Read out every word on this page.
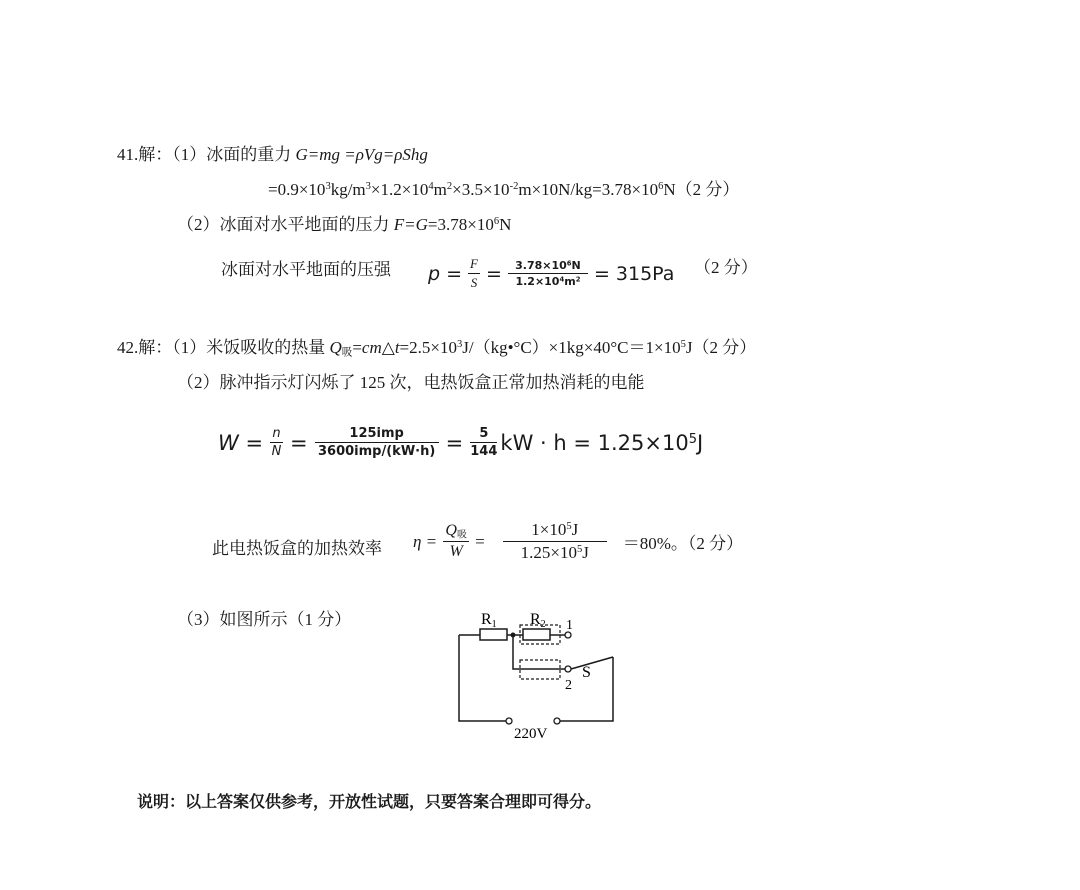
41.解：（1）冰面的重力 G=mg =ρVg=ρShg
$=0.9\times 10^3kg/m^3\times 1.2\times 10^4m^2\times 3.5\times 10^{-2}m\times 10N/kg=3.78\times 10^6N(2$ 分）
（2）冰面对水平地面的压力 $F=G=3.78\times 10^6N$
冰面对水平地面的压强 $p = \frac{F}{S} = \frac{3.78\times 10^6N}{1.2\times 10^4m^2} = 315Pa$ （2 分）
42.解：（1）米饭吸收的热量 $Q_吸=cm\triangle t=2.5\times 10^3J/(kg•^\circ C)\times 1kg\times 40^\circ C=1\times 10^5J(2$ 分）
（2）脉冲指示灯闪烁了 125 次，电热饭盒正常加热消耗的电能
$W = \frac{n}{N} = \frac{\text{125imp}}{\text{3600imp/(kW·h)}} = \frac{5}{144}$ kW · $h = 1.25\times 10^5J$
此电热饭盒的加热效率 $\eta = \frac{Q_吸}{W} = \frac{1\times 10^5J}{1.25\times 10^5J} =80\%$。（2 分）
（3）如图所示（1 分）	R1 R2 1
2
S
220V
说明：以上答案仅供参考，开放性试题，只要答案合理即可得分。
